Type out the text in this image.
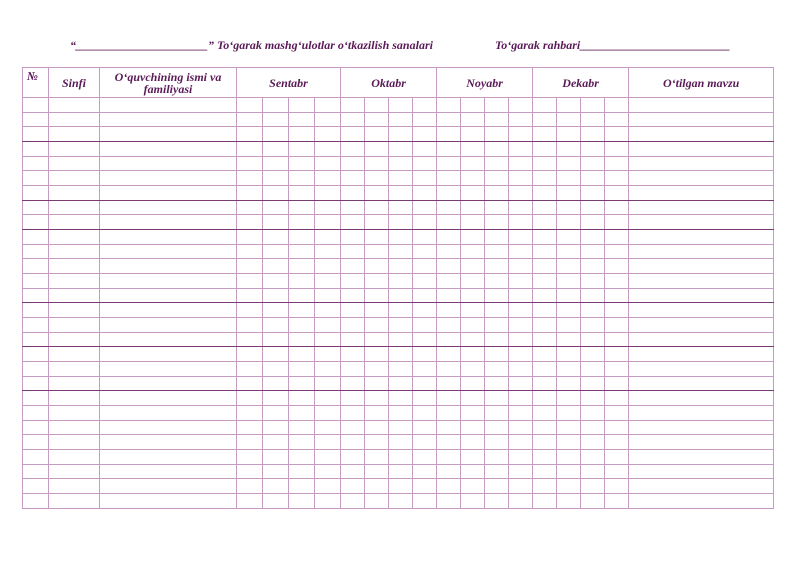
“______________________” To‘garak mashg‘ulotlar o‘tkazilish sanalari	To‘garak rahbari_________________________
№	Sinfi	O‘quvchining ismi va familiyasi	Sentabr				Oktabr				Noyabr				Dekabr				O‘tilgan mavzu
